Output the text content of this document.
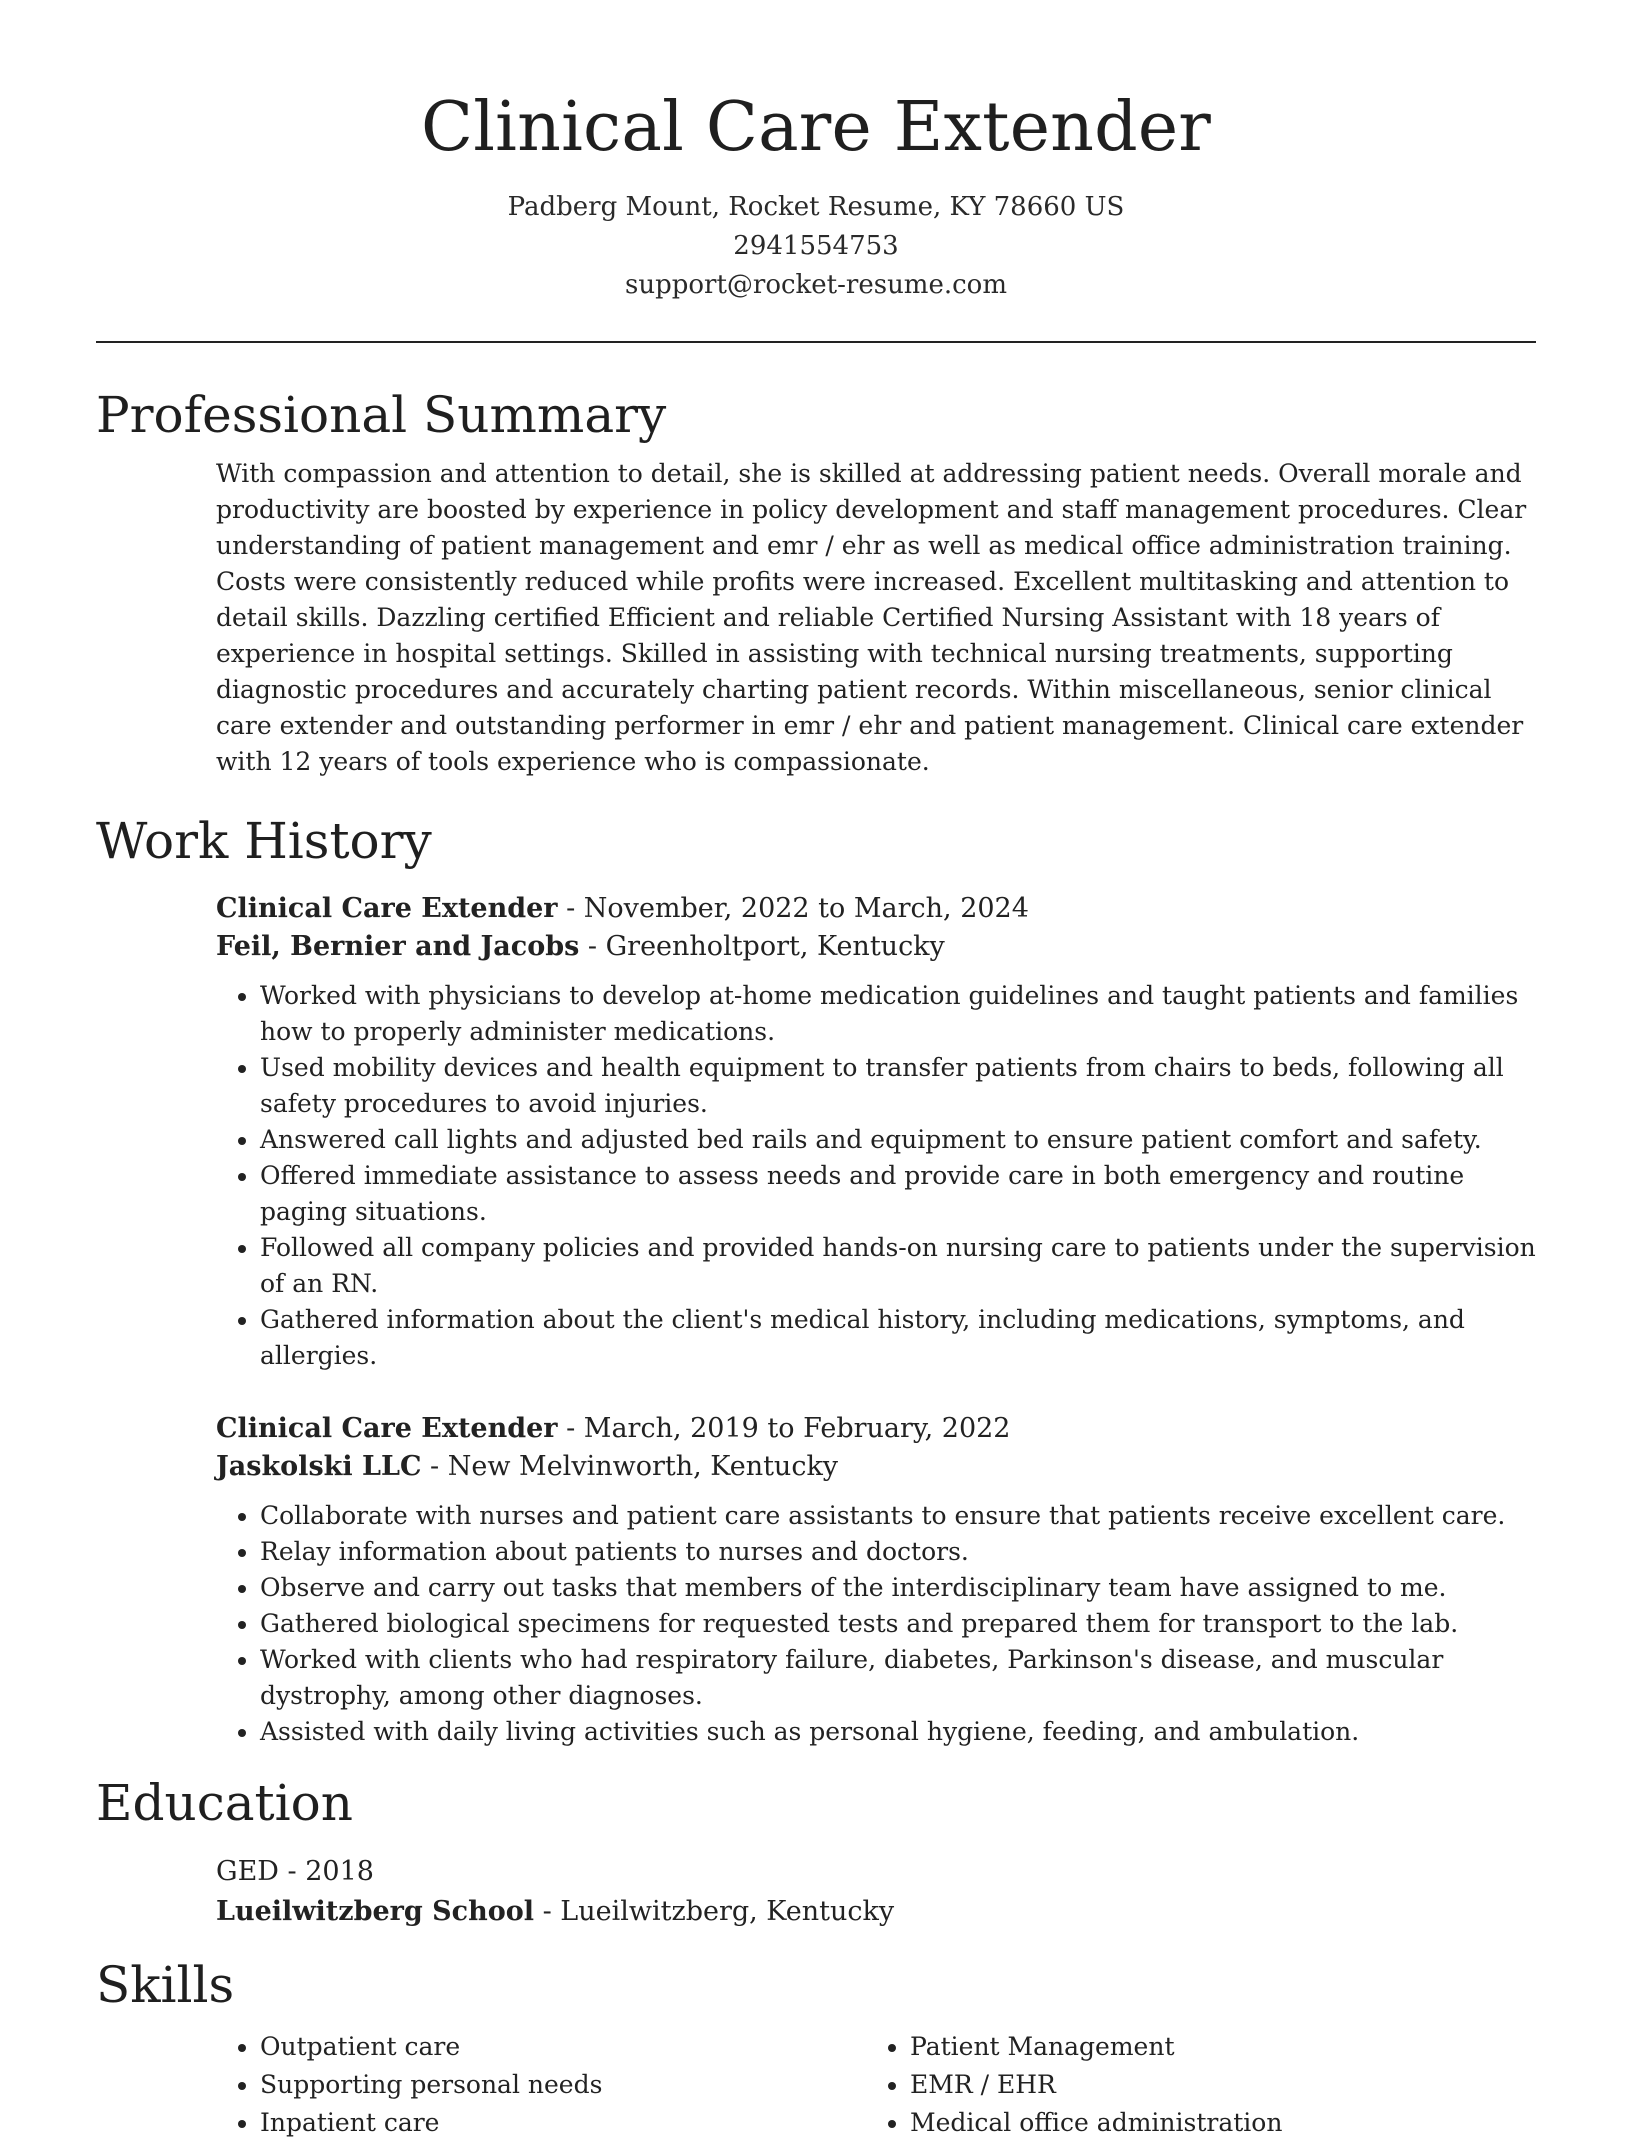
Clinical Care Extender
Padberg Mount, Rocket Resume, KY 78660 US
2941554753
support@rocket-resume.com
Professional Summary

With compassion and attention to detail, she is skilled at addressing patient needs. Overall morale and productivity are boosted by experience in policy development and staff management procedures. Clear understanding of patient management and emr / ehr as well as medical office administration training. Costs were consistently reduced while profits were increased. Excellent multitasking and attention to detail skills. Dazzling certified Efficient and reliable Certified Nursing Assistant with 18 years of experience in hospital settings. Skilled in assisting with technical nursing treatments, supporting diagnostic procedures and accurately charting patient records. Within miscellaneous, senior clinical care extender and outstanding performer in emr / ehr and patient management. Clinical care extender with 12 years of tools experience who is compassionate.

Work History
Clinical Care Extender - November, 2022 to March, 2024
Feil, Bernier and Jacobs - Greenholtport, Kentucky
• Worked with physicians to develop at-home medication guidelines and taught patients and families how to properly administer medications.
• Used mobility devices and health equipment to transfer patients from chairs to beds, following all safety procedures to avoid injuries.
• Answered call lights and adjusted bed rails and equipment to ensure patient comfort and safety.
• Offered immediate assistance to assess needs and provide care in both emergency and routine paging situations.
• Followed all company policies and provided hands-on nursing care to patients under the supervision of an RN.
• Gathered information about the client's medical history, including medications, symptoms, and allergies.
Clinical Care Extender - March, 2019 to February, 2022
Jaskolski LLC - New Melvinworth, Kentucky
• Collaborate with nurses and patient care assistants to ensure that patients receive excellent care.
• Relay information about patients to nurses and doctors.
• Observe and carry out tasks that members of the interdisciplinary team have assigned to me.
• Gathered biological specimens for requested tests and prepared them for transport to the lab.
• Worked with clients who had respiratory failure, diabetes, Parkinson's disease, and muscular dystrophy, among other diagnoses.
• Assisted with daily living activities such as personal hygiene, feeding, and ambulation.
Education
GED - 2018
Lueilwitzberg School - Lueilwitzberg, Kentucky
Skills
• Outpatient care
• Supporting personal needs
• Inpatient care
• Patient Management
• EMR / EHR
• Medical office administration
